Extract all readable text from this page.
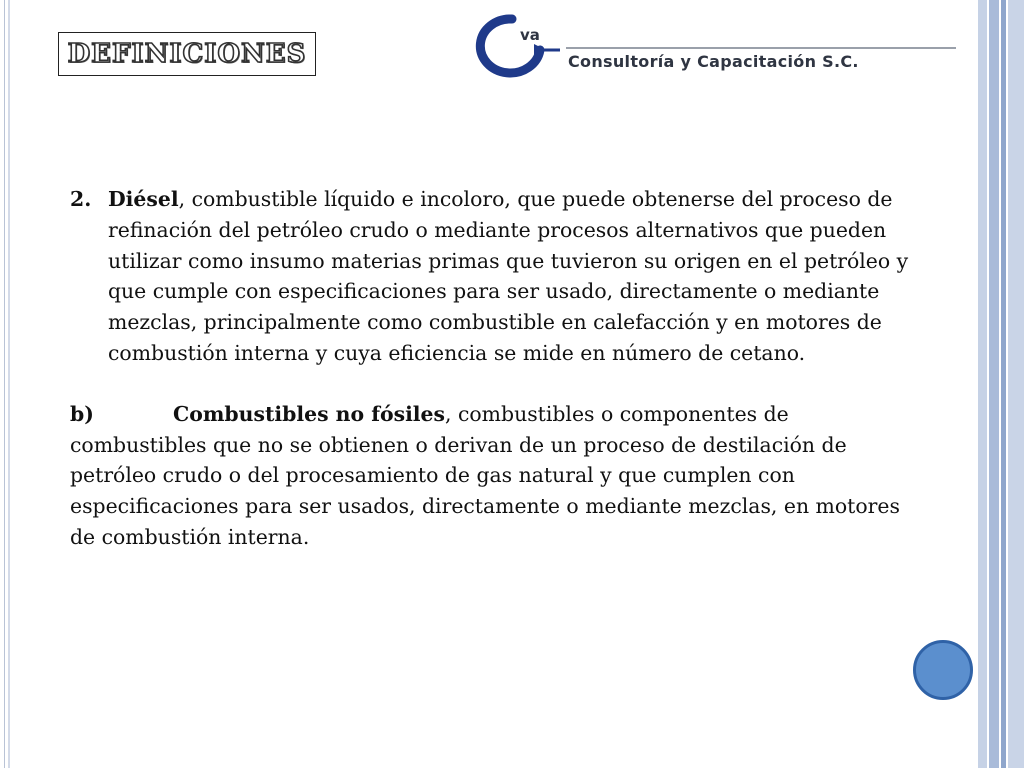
DEFINICIONES
va
Consultoría y Capacitación S.C.
2. Diésel, combustible líquido e incoloro, que puede obtenerse del proceso de refinación del petróleo crudo o mediante procesos alternativos que pueden utilizar como insumo materias primas que tuvieron su origen en el petróleo y que cumple con especificaciones para ser usado, directamente o mediante mezclas, principalmente como combustible en calefacción y en motores de combustión interna y cuya eficiencia se mide en número de cetano.
b)	Combustibles no fósiles, combustibles o componentes de combustibles que no se obtienen o derivan de un proceso de destilación de petróleo crudo o del procesamiento de gas natural y que cumplen con especificaciones para ser usados, directamente o mediante mezclas, en motores de combustión interna.
